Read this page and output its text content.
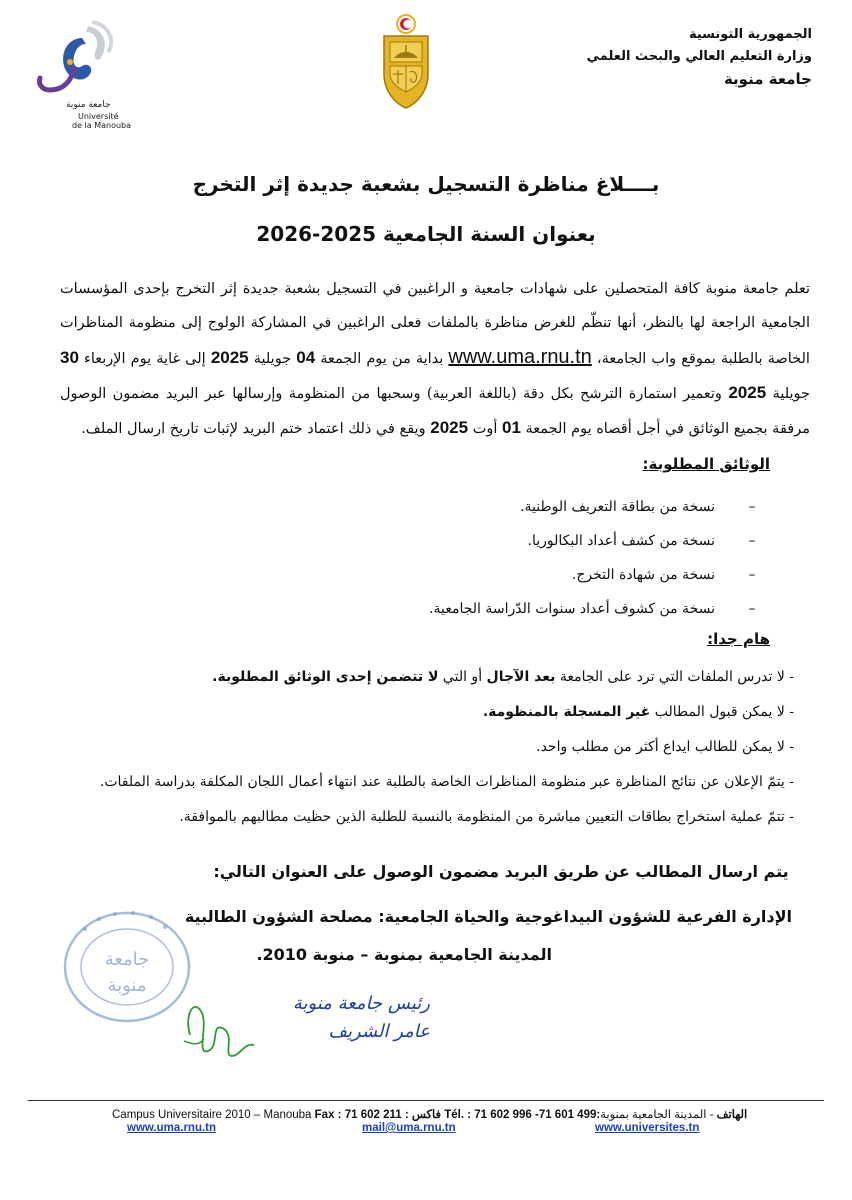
جامعة منوبة
Université
de la Manouba
الجمهورية التونسية
وزارة التعليم العالي والبحث العلمي
جامعة منوبة
بــــلاغ مناظرة التسجيل بشعبة جديدة إثر التخرج
بعنوان السنة الجامعية 2025-2026
تعلم جامعة منوبة كافة المتحصلين على شهادات جامعية و الراغبين في التسجيل بشعبة جديدة إثر التخرج بإحدى المؤسسات الجامعية الراجعة لها بالنظر، أنها تنظّم للغرض مناظرة بالملفات فعلى الراغبين في المشاركة الولوج إلى منظومة المناظرات الخاصة بالطلبة بموقع واب الجامعة، www.uma.rnu.tn بداية من يوم الجمعة 04 جويلية 2025 إلى غاية يوم الإربعاء 30 جويلية 2025 وتعمير استمارة الترشح بكل دقة (باللغة العربية) وسحبها من المنظومة وإرسالها عبر البريد مضمون الوصول مرفقة بجميع الوثائق في أجل أقصاه يوم الجمعة 01 أوت 2025 ويقع في ذلك اعتماد ختم البريد لإثبات تاريخ ارسال الملف.
الوثائق المطلوبة:
–نسخة من بطاقة التعريف الوطنية.
–نسخة من كشف أعداد البكالوريا.
–نسخة من شهادة التخرج.
–نسخة من كشوف أعداد سنوات الدّراسة الجامعية.
هام جدا:
- لا تدرس الملفات التي ترد على الجامعة بعد الآجال أو التي لا تتضمن إحدى الوثائق المطلوبة.
- لا يمكن قبول المطالب غير المسجلة بالمنظومة.
- لا يمكن للطالب ايداع أكثر من مطلب واحد.
- يتمّ الإعلان عن نتائج المناظرة عبر منظومة المناظرات الخاصة بالطلبة عند انتهاء أعمال اللجان المكلفة بدراسة الملفات.
- تتمّ عملية استخراج بطاقات التعيين مباشرة من المنظومة بالنسبة للطلبة الذين حظيت مطالبهم بالموافقة.
يتم ارسال المطالب عن طريق البريد مضمون الوصول على العنوان التالي:
الإدارة الفرعية للشؤون البيداغوجية والحياة الجامعية: مصلحة الشؤون الطالبية
المدينة الجامعية بمنوبة – منوبة 2010.
جامعة
منوبة
رئيس جامعة منوبة
عامر الشريف
Campus Universitaire 2010 – Manouba Fax : 71 602 211 : فاكس Tél. : 71 602 996 -71 601 499:	الهاتف - المدينة الجامعية بمنوبة
www.uma.rnu.tn	mail@uma.rnu.tn	www.universites.tn
